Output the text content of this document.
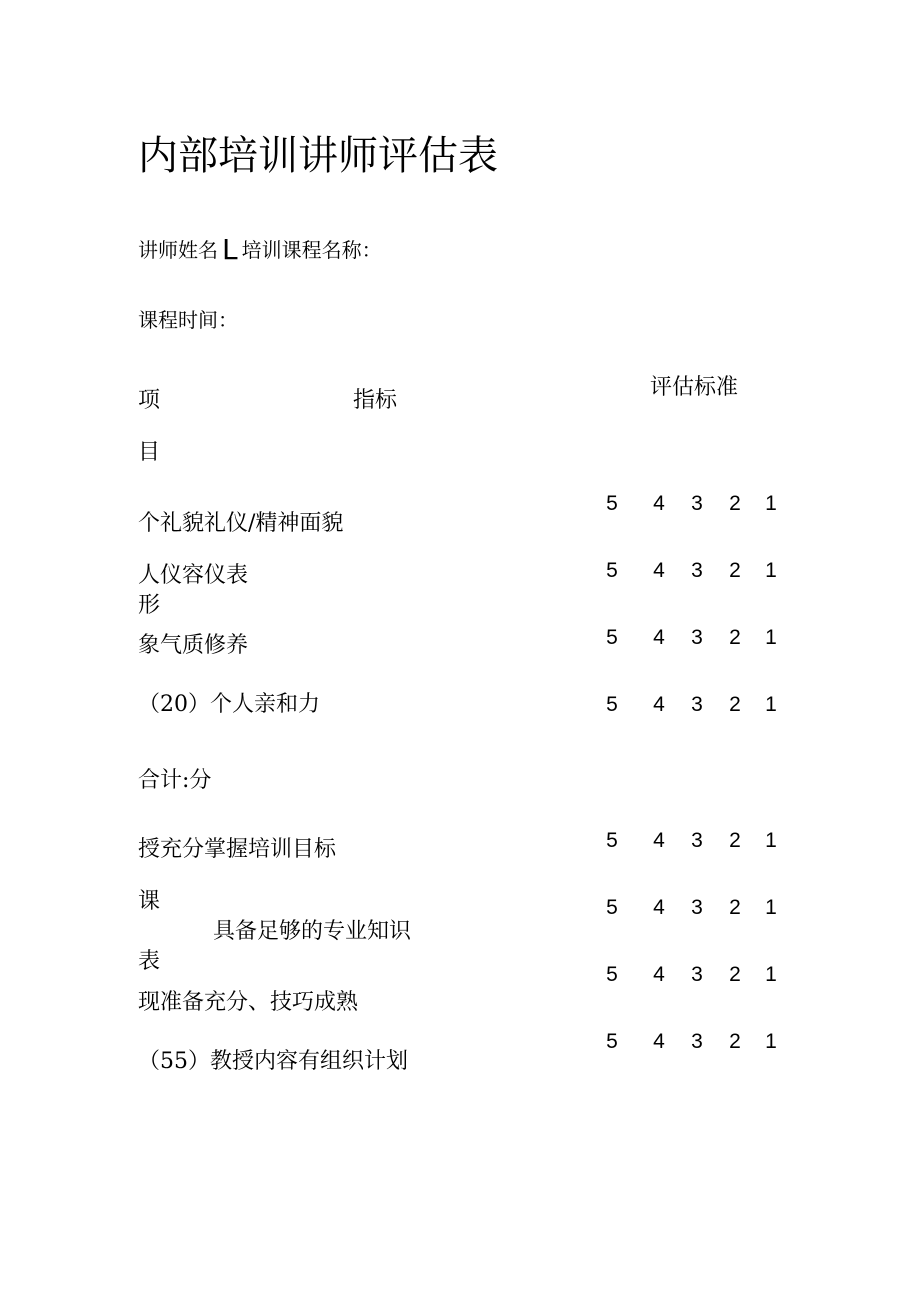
内部培训讲师评估表
讲师姓名 L 培训课程名称：
课程时间：
项	指标
评估标准
目
个礼貌礼仪/精神面貌
人仪容仪表
形
象气质修养
（20）个人亲和力
合计:分
授充分掌握培训目标
课
具备足够的专业知识
表
现准备充分、技巧成熟
（55）教授内容有组织计划
5 4 3 2 1
5 4 3 2 1
5 4 3 2 1
5 4 3 2 1
5 4 3 2 1
5 4 3 2 1
5 4 3 2 1
5 4 3 2 1
